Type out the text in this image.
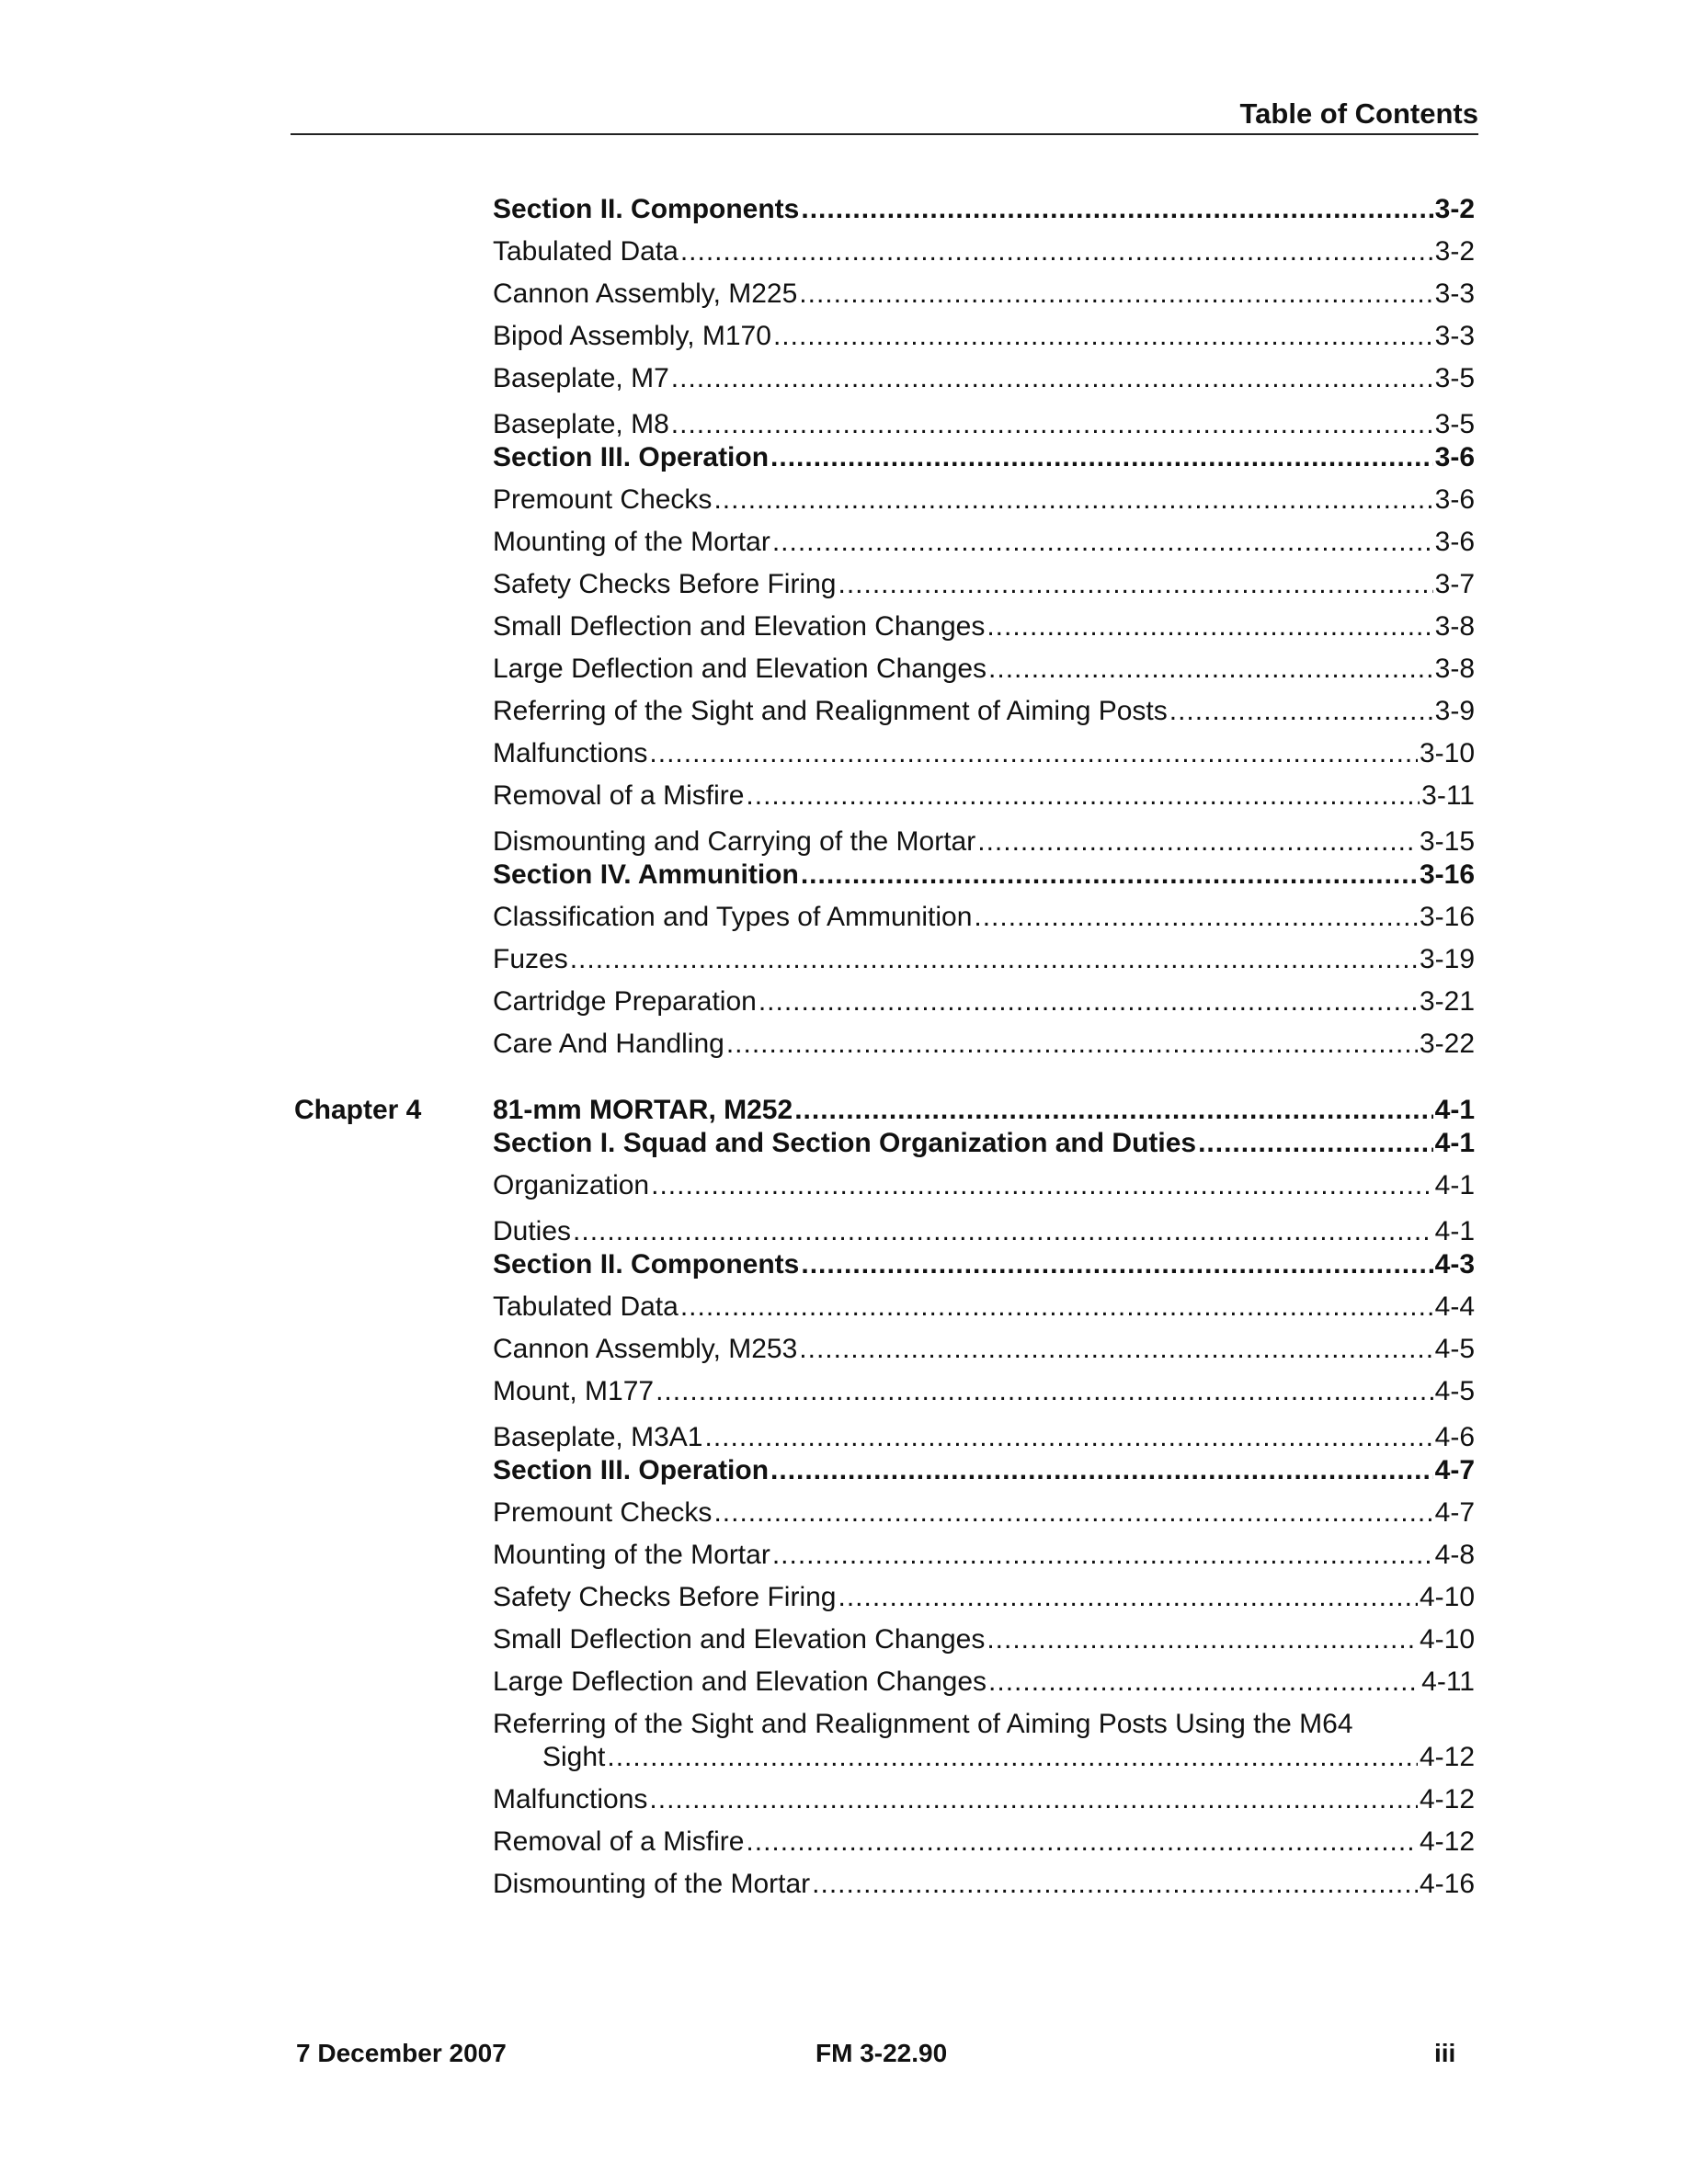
Table of Contents
Section II. Components .....	3-2
Tabulated Data .....	3-2
Cannon Assembly, M225 .....	3-3
Bipod Assembly, M170 .....	3-3
Baseplate, M7 .....	3-5
Baseplate, M8 .....	3-5
Section III. Operation .....	3-6
Premount Checks .....	3-6
Mounting of the Mortar .....	3-6
Safety Checks Before Firing .....	3-7
Small Deflection and Elevation Changes .....	3-8
Large Deflection and Elevation Changes .....	3-8
Referring of the Sight and Realignment of Aiming Posts .....	3-9
Malfunctions .....	3-10
Removal of a Misfire .....	3-11
Dismounting and Carrying of the Mortar .....	3-15
Section IV. Ammunition .....	3-16
Classification and Types of Ammunition .....	3-16
Fuzes .....	3-19
Cartridge Preparation .....	3-21
Care And Handling .....	3-22
Chapter 4	81-mm MORTAR, M252 .....	4-1
Section I. Squad and Section Organization and Duties .....	4-1
Organization .....	4-1
Duties .....	4-1
Section II. Components .....	4-3
Tabulated Data .....	4-4
Cannon Assembly, M253 .....	4-5
Mount, M177 .....	4-5
Baseplate, M3A1 .....	4-6
Section III. Operation .....	4-7
Premount Checks .....	4-7
Mounting of the Mortar .....	4-8
Safety Checks Before Firing .....	4-10
Small Deflection and Elevation Changes .....	4-10
Large Deflection and Elevation Changes .....	4-11
Referring of the Sight and Realignment of Aiming Posts Using the M64
Sight .....	4-12
Malfunctions .....	4-12
Removal of a Misfire .....	4-12
Dismounting of the Mortar .....	4-16
7 December 2007	FM 3-22.90	iii
